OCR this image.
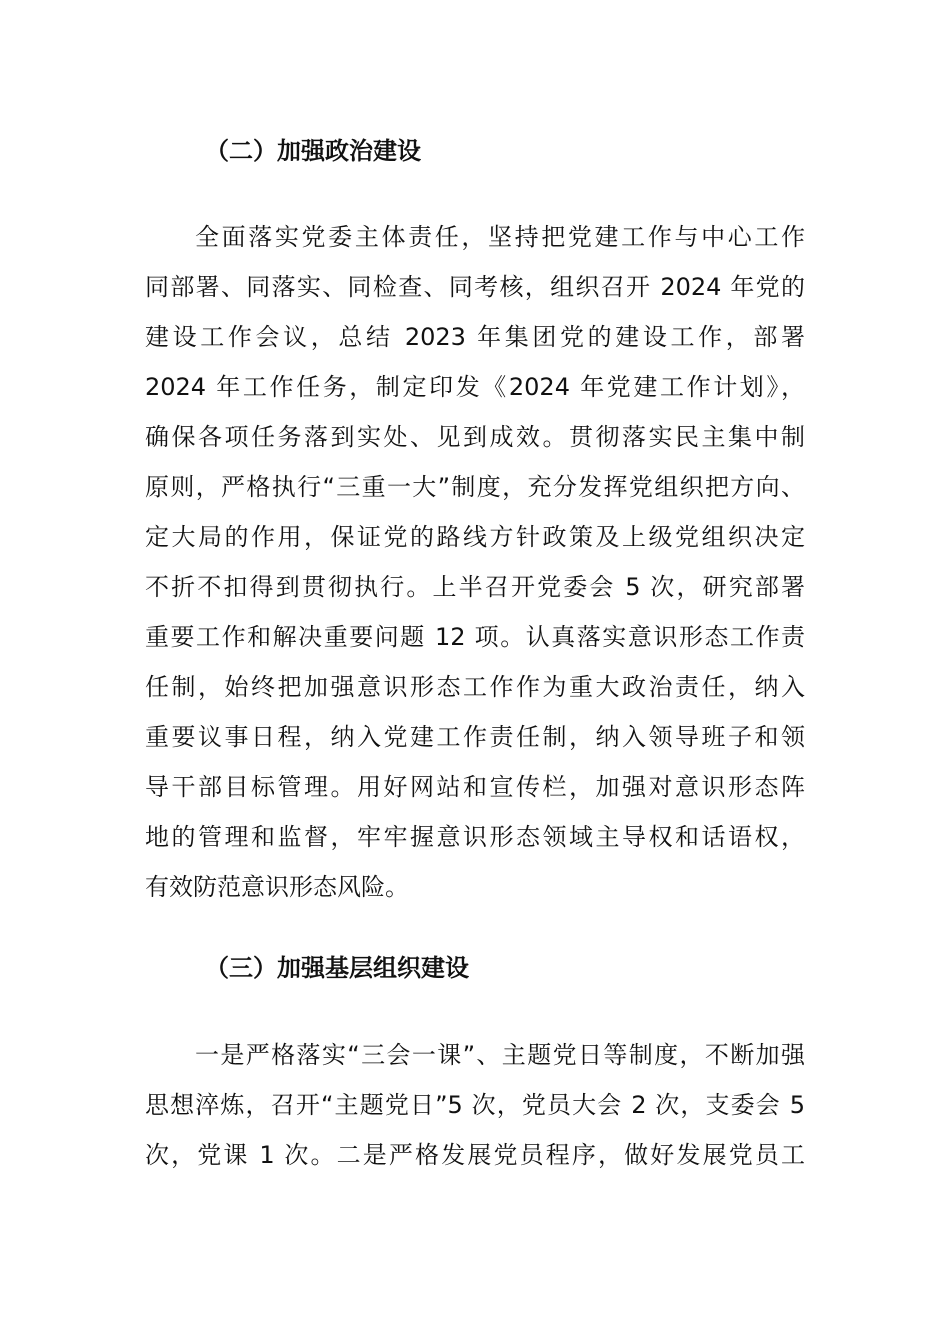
（二）加强政治建设
全面落实党委主体责任，坚持把党建工作与中心工作
同部署、同落实、同检查、同考核，组织召开 2024 年党的
建设工作会议，总结 2023 年集团党的建设工作，部署
2024 年工作任务，制定印发《2024 年党建工作计划》，
确保各项任务落到实处、见到成效。贯彻落实民主集中制
原则，严格执行“三重一大”制度，充分发挥党组织把方向、
定大局的作用，保证党的路线方针政策及上级党组织决定
不折不扣得到贯彻执行。上半召开党委会 5 次，研究部署
重要工作和解决重要问题 12 项。认真落实意识形态工作责
任制，始终把加强意识形态工作作为重大政治责任，纳入
重要议事日程，纳入党建工作责任制，纳入领导班子和领
导干部目标管理。用好网站和宣传栏，加强对意识形态阵
地的管理和监督，牢牢握意识形态领域主导权和话语权，
有效防范意识形态风险。
（三）加强基层组织建设
一是严格落实“三会一课”、主题党日等制度，不断加强
思想淬炼，召开“主题党日”5 次，党员大会 2 次，支委会 5
次，党课 1 次。二是严格发展党员程序，做好发展党员工
